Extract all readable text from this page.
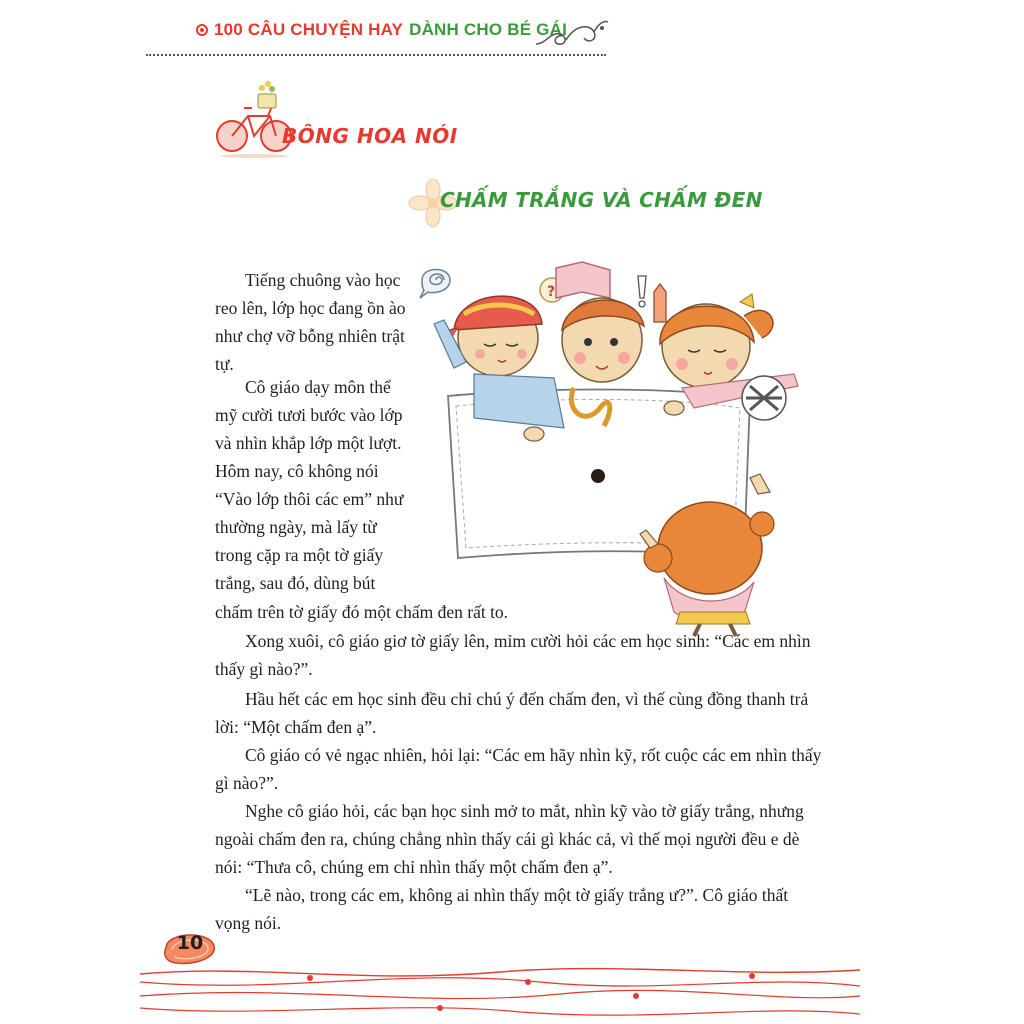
100 CÂU CHUYỆN HAY DÀNH CHO BÉ GÁI
BÔNG HOA NÓI
CHẤM TRẮNG VÀ CHẤM ĐEN
?

Tiếng chuông vào học reo lên, lớp học đang ồn ào như chợ vỡ bỗng nhiên trật tự.

Cô giáo dạy môn thể mỹ cười tươi bước vào lớp và nhìn khắp lớp một lượt. Hôm nay, cô không nói “Vào lớp thôi các em” như thường ngày, mà lấy từ trong cặp ra một tờ giấy trắng, sau đó, dùng bút

chấm trên tờ giấy đó một chấm đen rất to.

Xong xuôi, cô giáo giơ tờ giấy lên, mỉm cười hỏi các em học sinh: “Các em nhìn thấy gì nào?”.

Hầu hết các em học sinh đều chỉ chú ý đến chấm đen, vì thế cùng đồng thanh trả lời: “Một chấm đen ạ”.

Cô giáo có vẻ ngạc nhiên, hỏi lại: “Các em hãy nhìn kỹ, rốt cuộc các em nhìn thấy gì nào?”.

Nghe cô giáo hỏi, các bạn học sinh mở to mắt, nhìn kỹ vào tờ giấy trắng, nhưng ngoài chấm đen ra, chúng chẳng nhìn thấy cái gì khác cả, vì thế mọi người đều e dè nói: “Thưa cô, chúng em chỉ nhìn thấy một chấm đen ạ”.

“Lẽ nào, trong các em, không ai nhìn thấy một tờ giấy trắng ư?”. Cô giáo thất vọng nói.

10
